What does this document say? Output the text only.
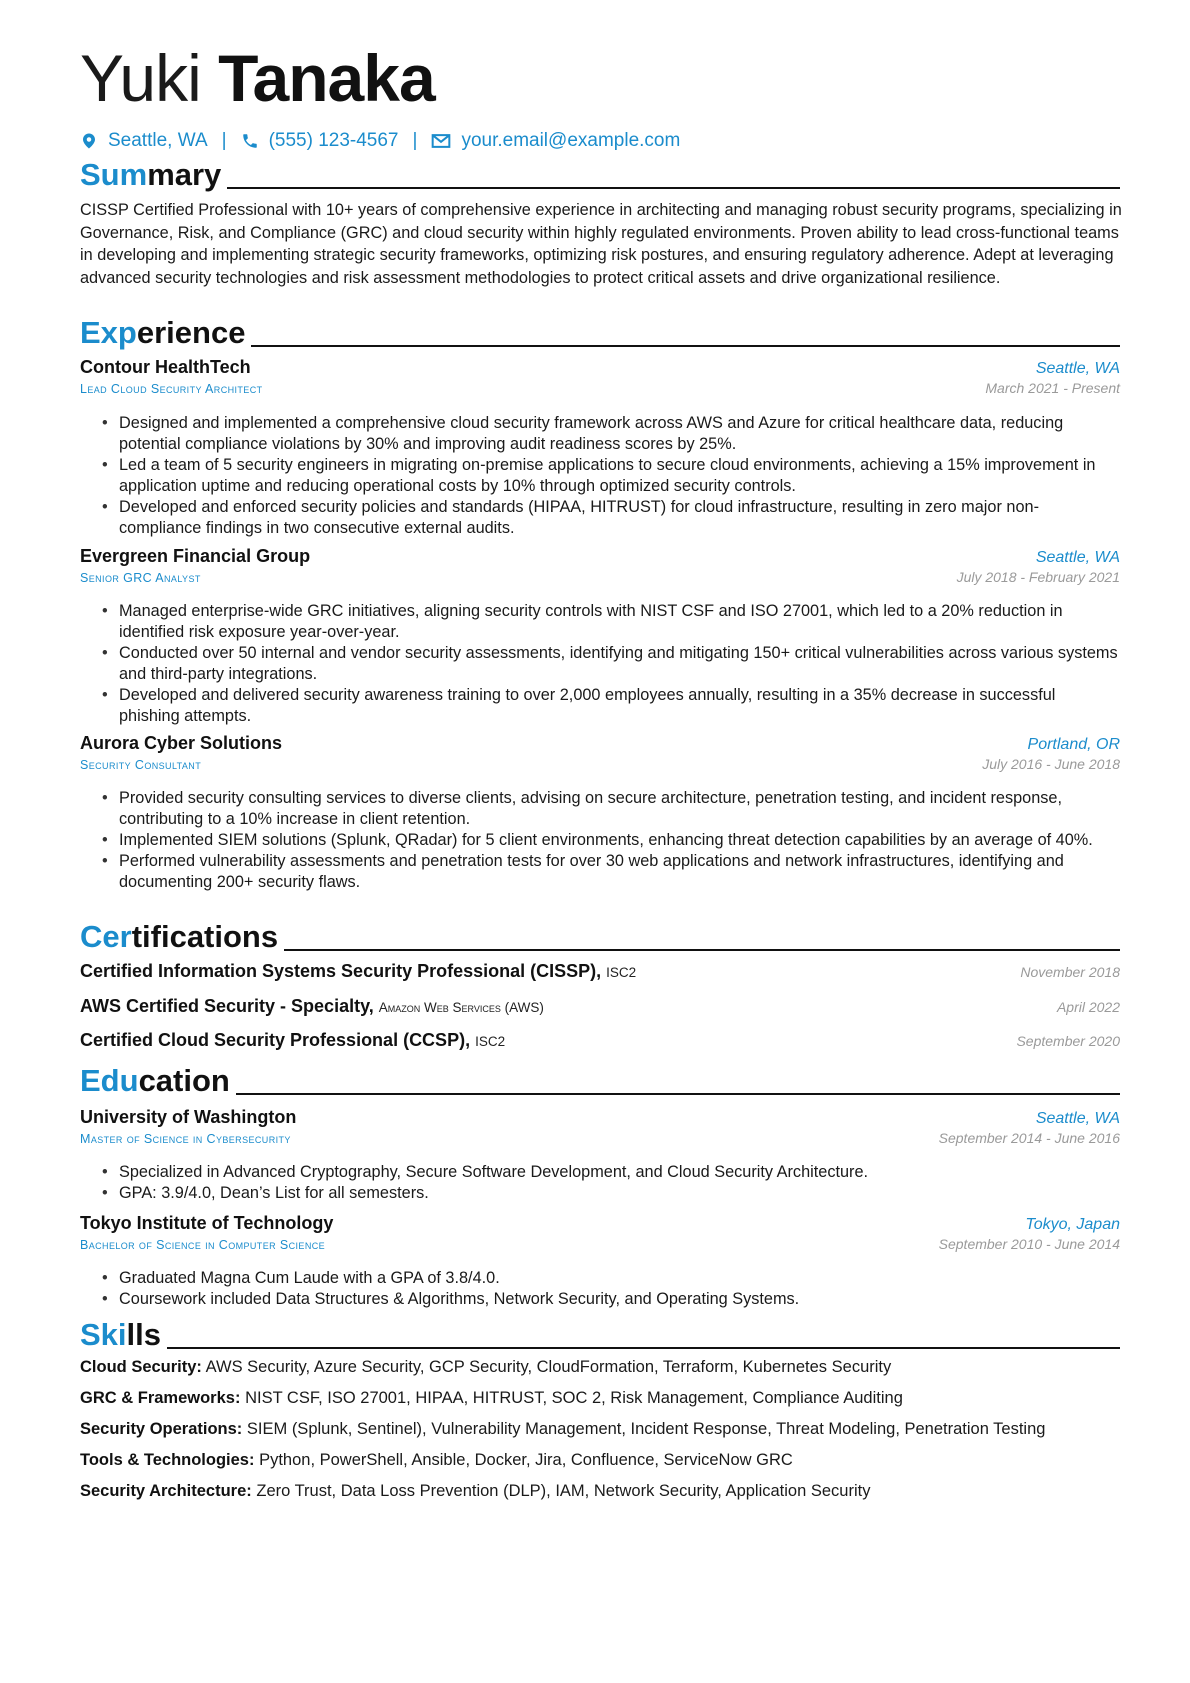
Yuki Tanaka
Seattle, WA | (555) 123-4567 | your.email@example.com
Summary
CISSP Certified Professional with 10+ years of comprehensive experience in architecting and managing robust security programs, specializing in Governance, Risk, and Compliance (GRC) and cloud security within highly regulated environments. Proven ability to lead cross-functional teams in developing and implementing strategic security frameworks, optimizing risk postures, and ensuring regulatory adherence. Adept at leveraging advanced security technologies and risk assessment methodologies to protect critical assets and drive organizational resilience.
Experience
Contour HealthTech	Seattle, WA
Lead Cloud Security Architect	March 2021 - Present
• Designed and implemented a comprehensive cloud security framework across AWS and Azure for critical healthcare data, reducing potential compliance violations by 30% and improving audit readiness scores by 25%.
• Led a team of 5 security engineers in migrating on-premise applications to secure cloud environments, achieving a 15% improvement in application uptime and reducing operational costs by 10% through optimized security controls.
• Developed and enforced security policies and standards (HIPAA, HITRUST) for cloud infrastructure, resulting in zero major non-compliance findings in two consecutive external audits.
Evergreen Financial Group	Seattle, WA
Senior GRC Analyst	July 2018 - February 2021
• Managed enterprise-wide GRC initiatives, aligning security controls with NIST CSF and ISO 27001, which led to a 20% reduction in identified risk exposure year-over-year.
• Conducted over 50 internal and vendor security assessments, identifying and mitigating 150+ critical vulnerabilities across various systems and third-party integrations.
• Developed and delivered security awareness training to over 2,000 employees annually, resulting in a 35% decrease in successful phishing attempts.
Aurora Cyber Solutions	Portland, OR
Security Consultant	July 2016 - June 2018
• Provided security consulting services to diverse clients, advising on secure architecture, penetration testing, and incident response, contributing to a 10% increase in client retention.
• Implemented SIEM solutions (Splunk, QRadar) for 5 client environments, enhancing threat detection capabilities by an average of 40%.
• Performed vulnerability assessments and penetration tests for over 30 web applications and network infrastructures, identifying and documenting 200+ security flaws.
Certifications
Certified Information Systems Security Professional (CISSP), ISC2	November 2018
AWS Certified Security - Specialty, Amazon Web Services (AWS)	April 2022
Certified Cloud Security Professional (CCSP), ISC2	September 2020
Education
University of Washington	Seattle, WA
Master of Science in Cybersecurity	September 2014 - June 2016
• Specialized in Advanced Cryptography, Secure Software Development, and Cloud Security Architecture.
• GPA: 3.9/4.0, Dean’s List for all semesters.
Tokyo Institute of Technology	Tokyo, Japan
Bachelor of Science in Computer Science	September 2010 - June 2014
• Graduated Magna Cum Laude with a GPA of 3.8/4.0.
• Coursework included Data Structures & Algorithms, Network Security, and Operating Systems.
Skills
Cloud Security: AWS Security, Azure Security, GCP Security, CloudFormation, Terraform, Kubernetes Security
GRC & Frameworks: NIST CSF, ISO 27001, HIPAA, HITRUST, SOC 2, Risk Management, Compliance Auditing
Security Operations: SIEM (Splunk, Sentinel), Vulnerability Management, Incident Response, Threat Modeling, Penetration Testing
Tools & Technologies: Python, PowerShell, Ansible, Docker, Jira, Confluence, ServiceNow GRC
Security Architecture: Zero Trust, Data Loss Prevention (DLP), IAM, Network Security, Application Security
